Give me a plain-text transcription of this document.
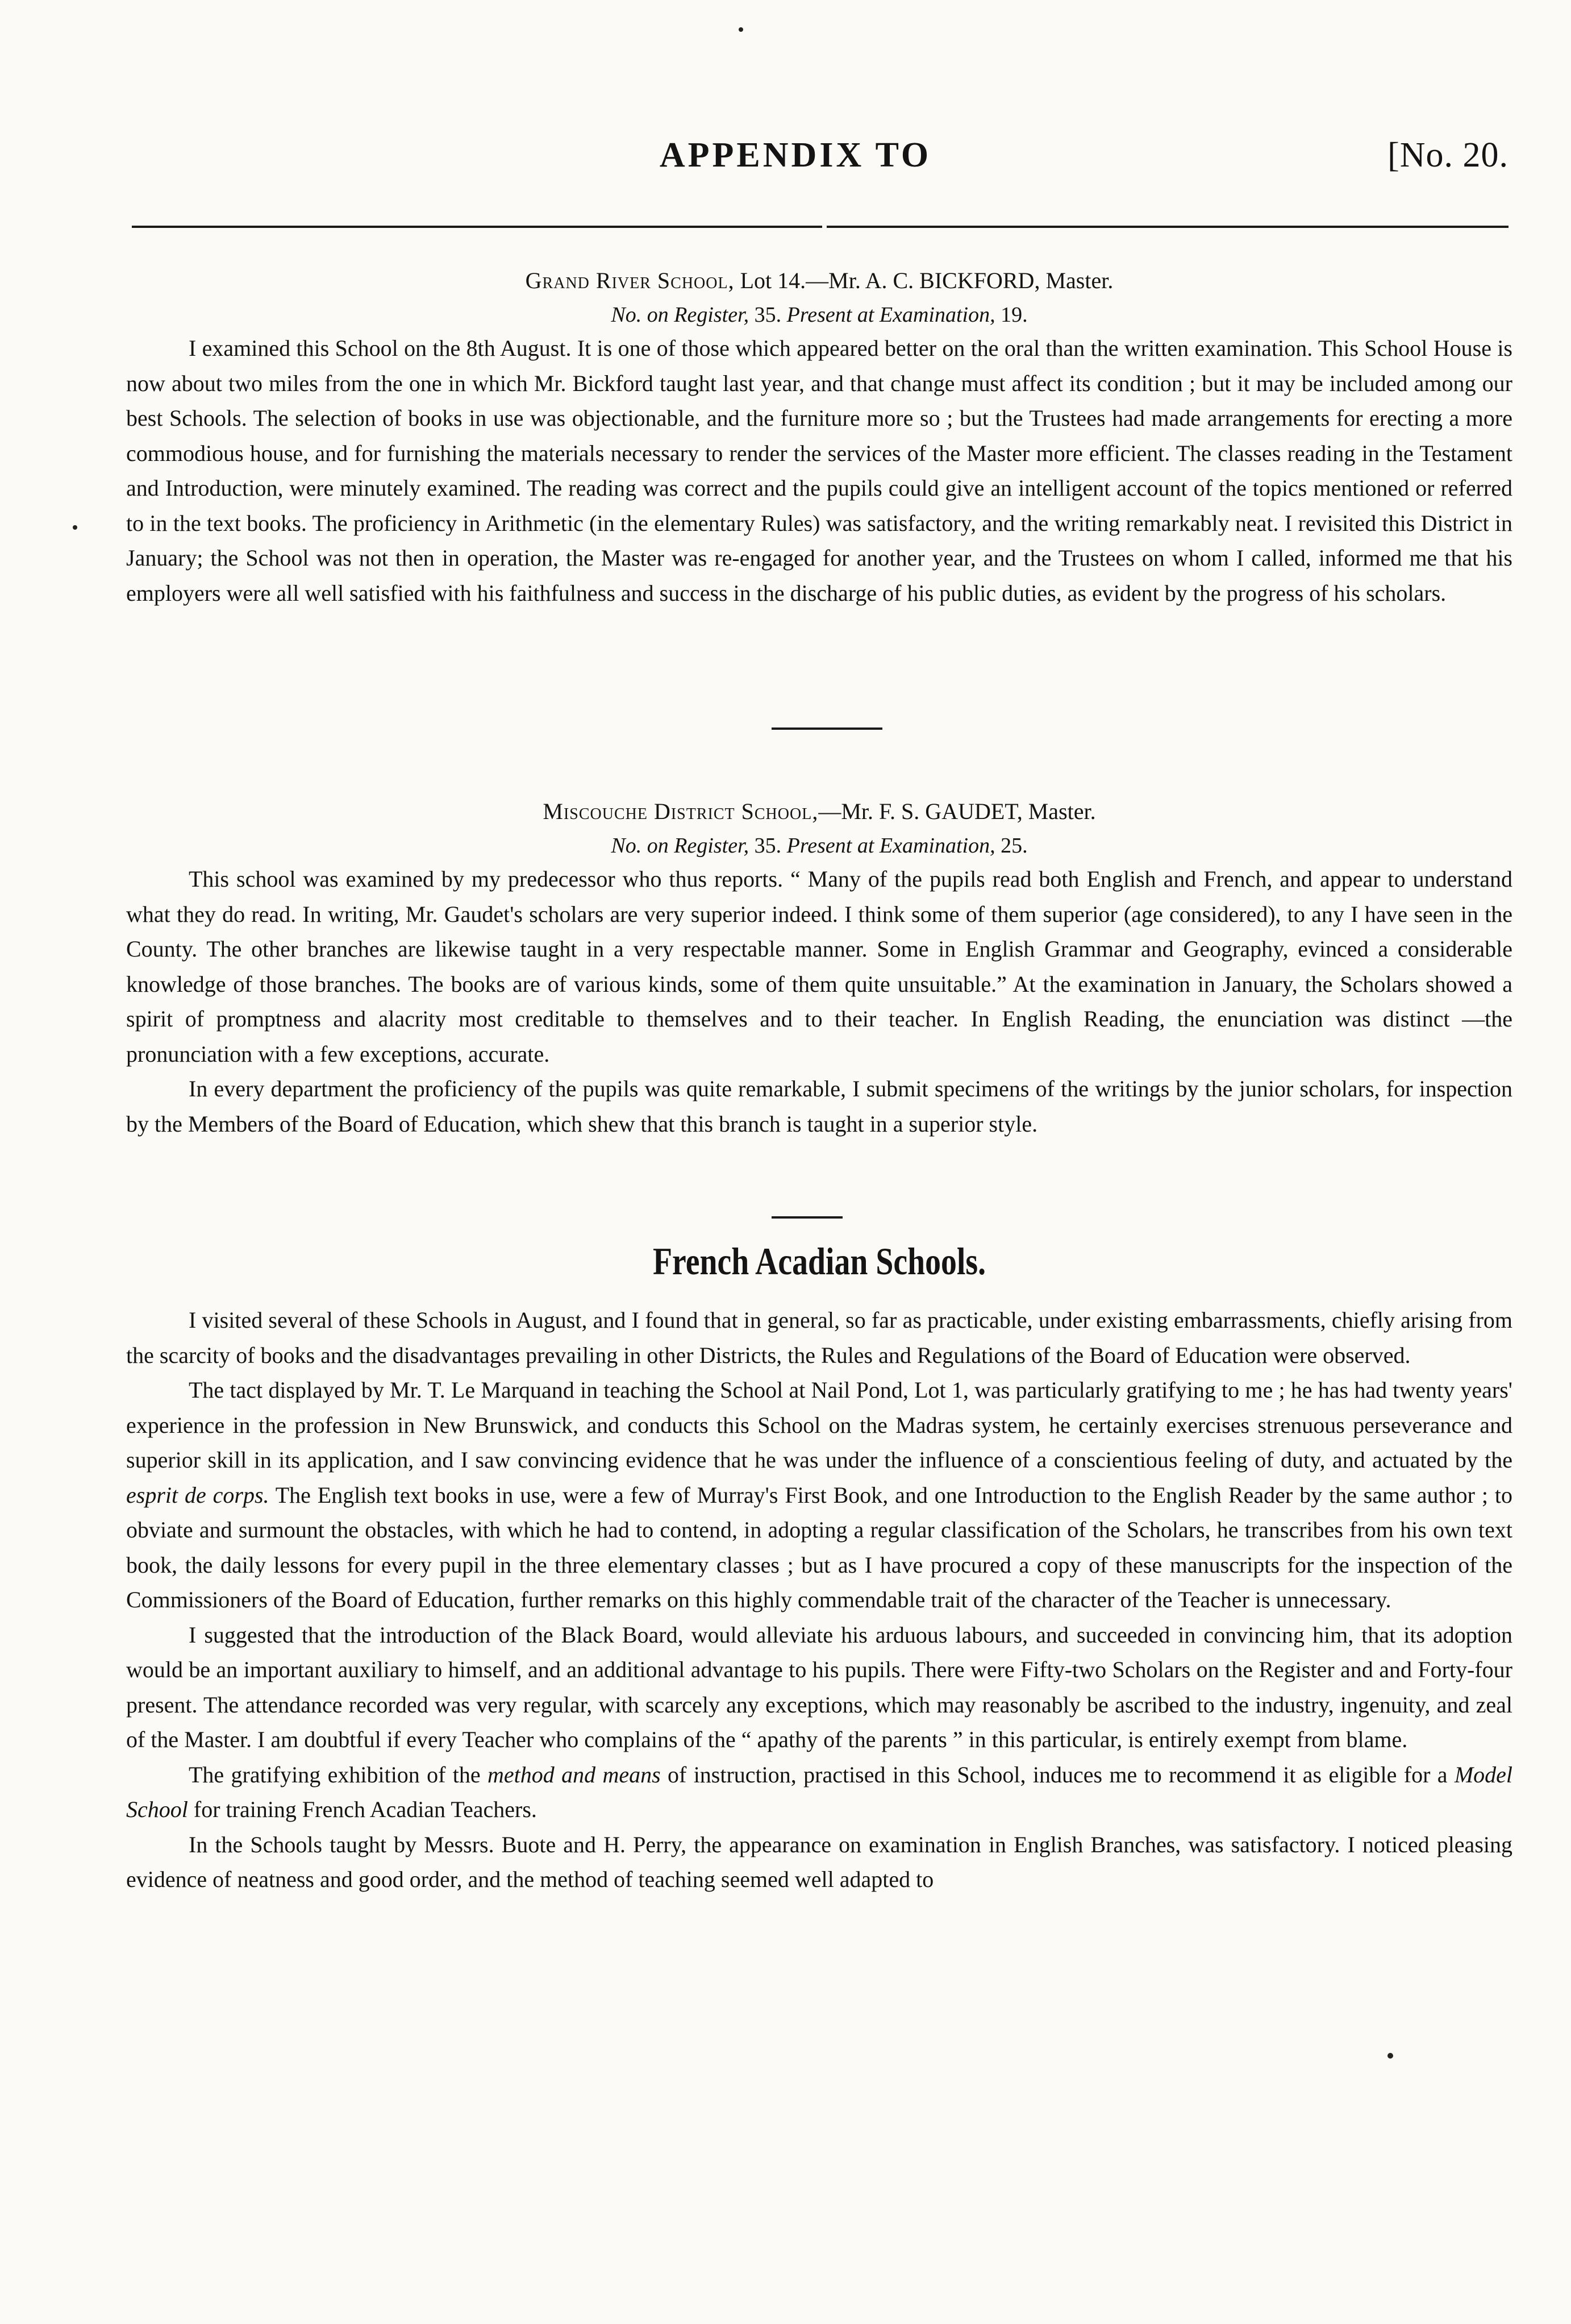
APPENDIX TO	[No. 20.
Grand River School, Lot 14.—Mr. A. C. BICKFORD, Master.
No. on Register, 35. Present at Examination, 19.

I examined this School on the 8th August. It is one of those which appeared better on the oral than the written examination. This School House is now about two miles from the one in which Mr. Bickford taught last year, and that change must affect its condition ; but it may be included among our best Schools. The selection of books in use was objectionable, and the furniture more so ; but the Trustees had made arrangements for erecting a more commodious house, and for furnishing the materials necessary to render the services of the Master more efficient. The classes reading in the Testament and Introduction, were minutely examined. The reading was correct and the pupils could give an intelligent account of the topics mentioned or referred to in the text books. The proficiency in Arithmetic (in the elementary Rules) was satisfactory, and the writing remarkably neat. I revisited this District in January; the School was not then in operation, the Master was re-engaged for another year, and the Trustees on whom I called, informed me that his employers were all well satisfied with his faithfulness and success in the discharge of his public duties, as evident by the progress of his scholars.

Miscouche District School,—Mr. F. S. GAUDET, Master.
No. on Register, 35. Present at Examination, 25.

This school was examined by my predecessor who thus reports. “ Many of the pupils read both English and French, and appear to understand what they do read. In writing, Mr. Gaudet's scholars are very superior indeed. I think some of them superior (age considered), to any I have seen in the County. The other branches are likewise taught in a very respectable manner. Some in English Grammar and Geography, evinced a considerable knowledge of those branches. The books are of various kinds, some of them quite unsuitable.” At the examination in January, the Scholars showed a spirit of promptness and alacrity most creditable to themselves and to their teacher. In English Reading, the enunciation was distinct —the pronunciation with a few exceptions, accurate.

In every department the proficiency of the pupils was quite remarkable, I submit specimens of the writings by the junior scholars, for inspection by the Members of the Board of Education, which shew that this branch is taught in a superior style.

French Acadian Schools.

I visited several of these Schools in August, and I found that in general, so far as practicable, under existing embarrassments, chiefly arising from the scarcity of books and the disadvantages prevailing in other Districts, the Rules and Regulations of the Board of Education were observed.

The tact displayed by Mr. T. Le Marquand in teaching the School at Nail Pond, Lot 1, was particularly gratifying to me ; he has had twenty years' experience in the profession in New Brunswick, and conducts this School on the Madras system, he certainly exercises strenuous perseverance and superior skill in its application, and I saw convincing evidence that he was under the influence of a conscientious feeling of duty, and actuated by the esprit de corps. The English text books in use, were a few of Murray's First Book, and one Introduction to the English Reader by the same author ; to obviate and surmount the obstacles, with which he had to contend, in adopting a regular classification of the Scholars, he transcribes from his own text book, the daily lessons for every pupil in the three elementary classes ; but as I have procured a copy of these manuscripts for the inspection of the Commissioners of the Board of Education, further remarks on this highly commendable trait of the character of the Teacher is unnecessary.

I suggested that the introduction of the Black Board, would alleviate his arduous labours, and succeeded in convincing him, that its adoption would be an important auxiliary to himself, and an additional advantage to his pupils. There were Fifty-two Scholars on the Register and and Forty-four present. The attendance recorded was very regular, with scarcely any exceptions, which may reasonably be ascribed to the industry, ingenuity, and zeal of the Master. I am doubtful if every Teacher who complains of the “ apathy of the parents ” in this particular, is entirely exempt from blame.

The gratifying exhibition of the method and means of instruction, practised in this School, induces me to recommend it as eligible for a Model School for training French Acadian Teachers.

In the Schools taught by Messrs. Buote and H. Perry, the appearance on examination in English Branches, was satisfactory. I noticed pleasing evidence of neatness and good order, and the method of teaching seemed well adapted to
